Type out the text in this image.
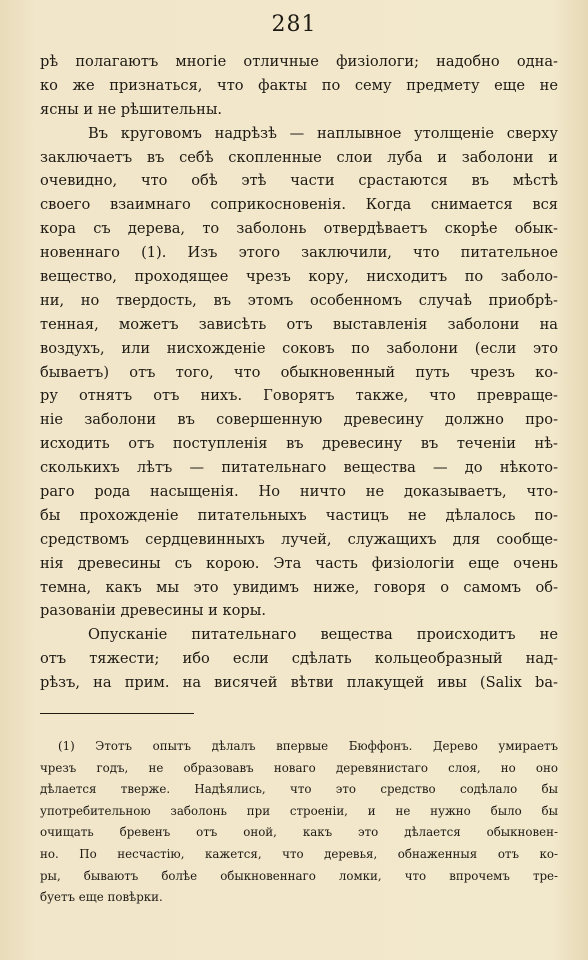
281
рѣ полагаютъ многiе отличные физiологи; надобно одна-
ко же признаться, что факты по сему предмету еще не
ясны и не рѣшительны.
Въ круговомъ надрѣзѣ — наплывное утолщенiе сверху
заключаетъ въ себѣ скопленные слои луба и заболони и
очевидно, что обѣ этѣ части срастаются въ мѣстѣ
своего взаимнаго соприкосновенiя. Когда снимается вся
кора съ дерева, то заболонь отвердѣваетъ скорѣе обык-
новеннаго (1). Изъ этого заключили, что питательное
вещество, проходящее чрезъ кору, нисходитъ по заболо-
ни, но твердость, въ этомъ особенномъ случаѣ приобрѣ-
тенная, можетъ зависѣть отъ выставленiя заболони на
воздухъ, или нисхожденiе соковъ по заболони (если это
бываетъ) отъ того, что обыкновенный путь чрезъ ко-
ру отнятъ отъ нихъ. Говорятъ также, что превраще-
нiе заболони въ совершенную древесину должно про-
исходить отъ поступленiя въ древесину въ теченiи нѣ-
сколькихъ лѣтъ — питательнаго вещества — до нѣкото-
раго рода насыщенiя. Но ничто не доказываетъ, что-
бы прохожденiе питательныхъ частицъ не дѣлалось по-
средствомъ сердцевинныхъ лучей, служащихъ для сообще-
нiя древесины съ корою. Эта часть физiологiи еще очень
темна, какъ мы это увидимъ ниже, говоря о самомъ об-
разованiи древесины и коры.
Опусканiе питательнаго вещества происходитъ не
отъ тяжести; ибо если сдѣлать кольцеобразный над-
рѣзъ, на прим. на висячей вѣтви плакущей ивы (Salix ba-
(1) Этотъ опытъ дѣлалъ впервые Бюффонъ. Дерево умираетъ
чрезъ годъ, не образовавъ новаго деревянистаго слоя, но оно
дѣлается тверже. Надѣялись, что это средство содѣлало бы
употребительною заболонь при строенiи, и не нужно было бы
очищать бревенъ отъ оной, какъ это дѣлается обыкновен-
но. По несчастiю, кажется, что деревья, обнаженныя отъ ко-
ры, бываютъ болѣе обыкновеннаго ломки, что впрочемъ тре-
буетъ еще повѣрки.
